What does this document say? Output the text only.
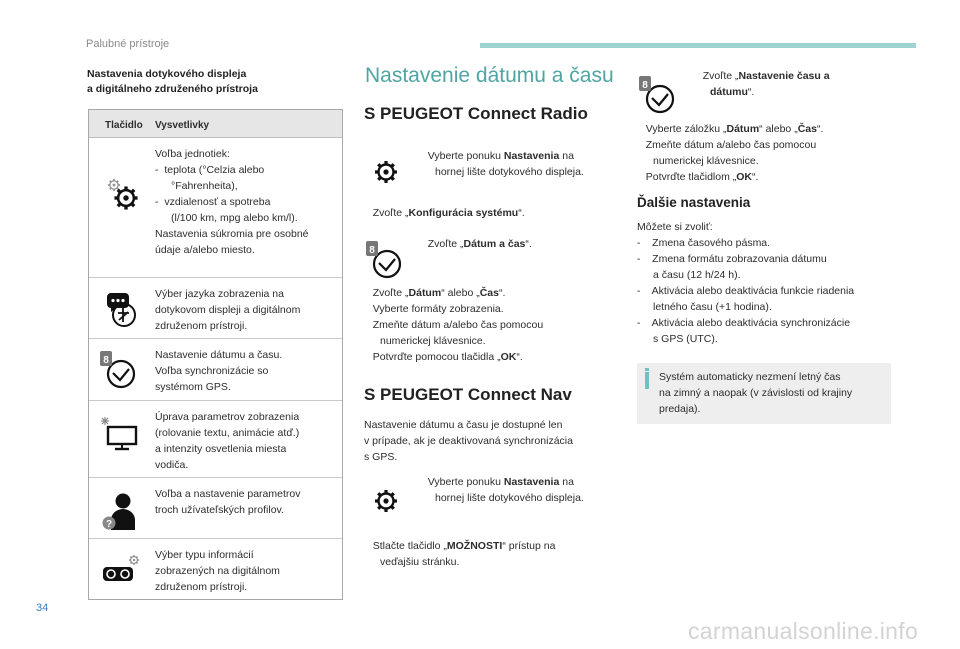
Palubné prístroje
Nastavenia dotykového displeja
a digitálneho združeného prístroja
Tlačidlo	Vysvetlivky
Voľba jednotiek:
-  teplota (°Celzia alebo
°Fahrenheita),
-  vzdialenosť a spotreba
(l/100 km, mpg alebo km/l).
Nastavenia súkromia pre osobné
údaje a/alebo miesto.
Výber jazyka zobrazenia na
dotykovom displeji a digitálnom
združenom prístroji.
8	Nastavenie dátumu a času.
Voľba synchronizácie so
systémom GPS.
Úprava parametrov zobrazenia
(rolovanie textu, animácie atď.)
a intenzity osvetlenia miesta
vodiča.
?
Voľba a nastavenie parametrov
troch užívateľských profilov.
Výber typu informácií
zobrazených na digitálnom
združenom prístroji.
Nastavenie dátumu a času
S PEUGEOT Connect Radio
Vyberte ponuku Nastavenia na
hornej lište dotykového displeja.
Zvoľte „Konfigurácia systému“.
8
Zvoľte „Dátum a čas“.
Zvoľte „Dátum“ alebo „Čas“.
Vyberte formáty zobrazenia.
Zmeňte dátum a/alebo čas pomocou
numerickej klávesnice.
Potvrďte pomocou tlačidla „OK“.
S PEUGEOT Connect Nav
Nastavenie dátumu a času je dostupné len
v prípade, ak je deaktivovaná synchronizácia
s GPS.
Vyberte ponuku Nastavenia na
hornej lište dotykového displeja.
Stlačte tlačidlo „MOŽNOSTI“ prístup na
veďajšiu stránku.
8
Zvoľte „Nastavenie času a
dátumu“.
Vyberte záložku „Dátum“ alebo „Čas“.
Zmeňte dátum a/alebo čas pomocou
numerickej klávesnice.
Potvrďte tlačidlom „OK“.
Ďalšie nastavenia
Môžete si zvoliť:
- Zmena časového pásma.
- Zmena formátu zobrazovania dátumu
a času (12 h/24 h).
- Aktivácia alebo deaktivácia funkcie riadenia
letného času (+1 hodina).
- Aktivácia alebo deaktivácia synchronizácie
s GPS (UTC).
Systém automaticky nezmení letný čas
na zimný a naopak (v závislosti od krajiny
predaja).
34
carmanualsonline.info
